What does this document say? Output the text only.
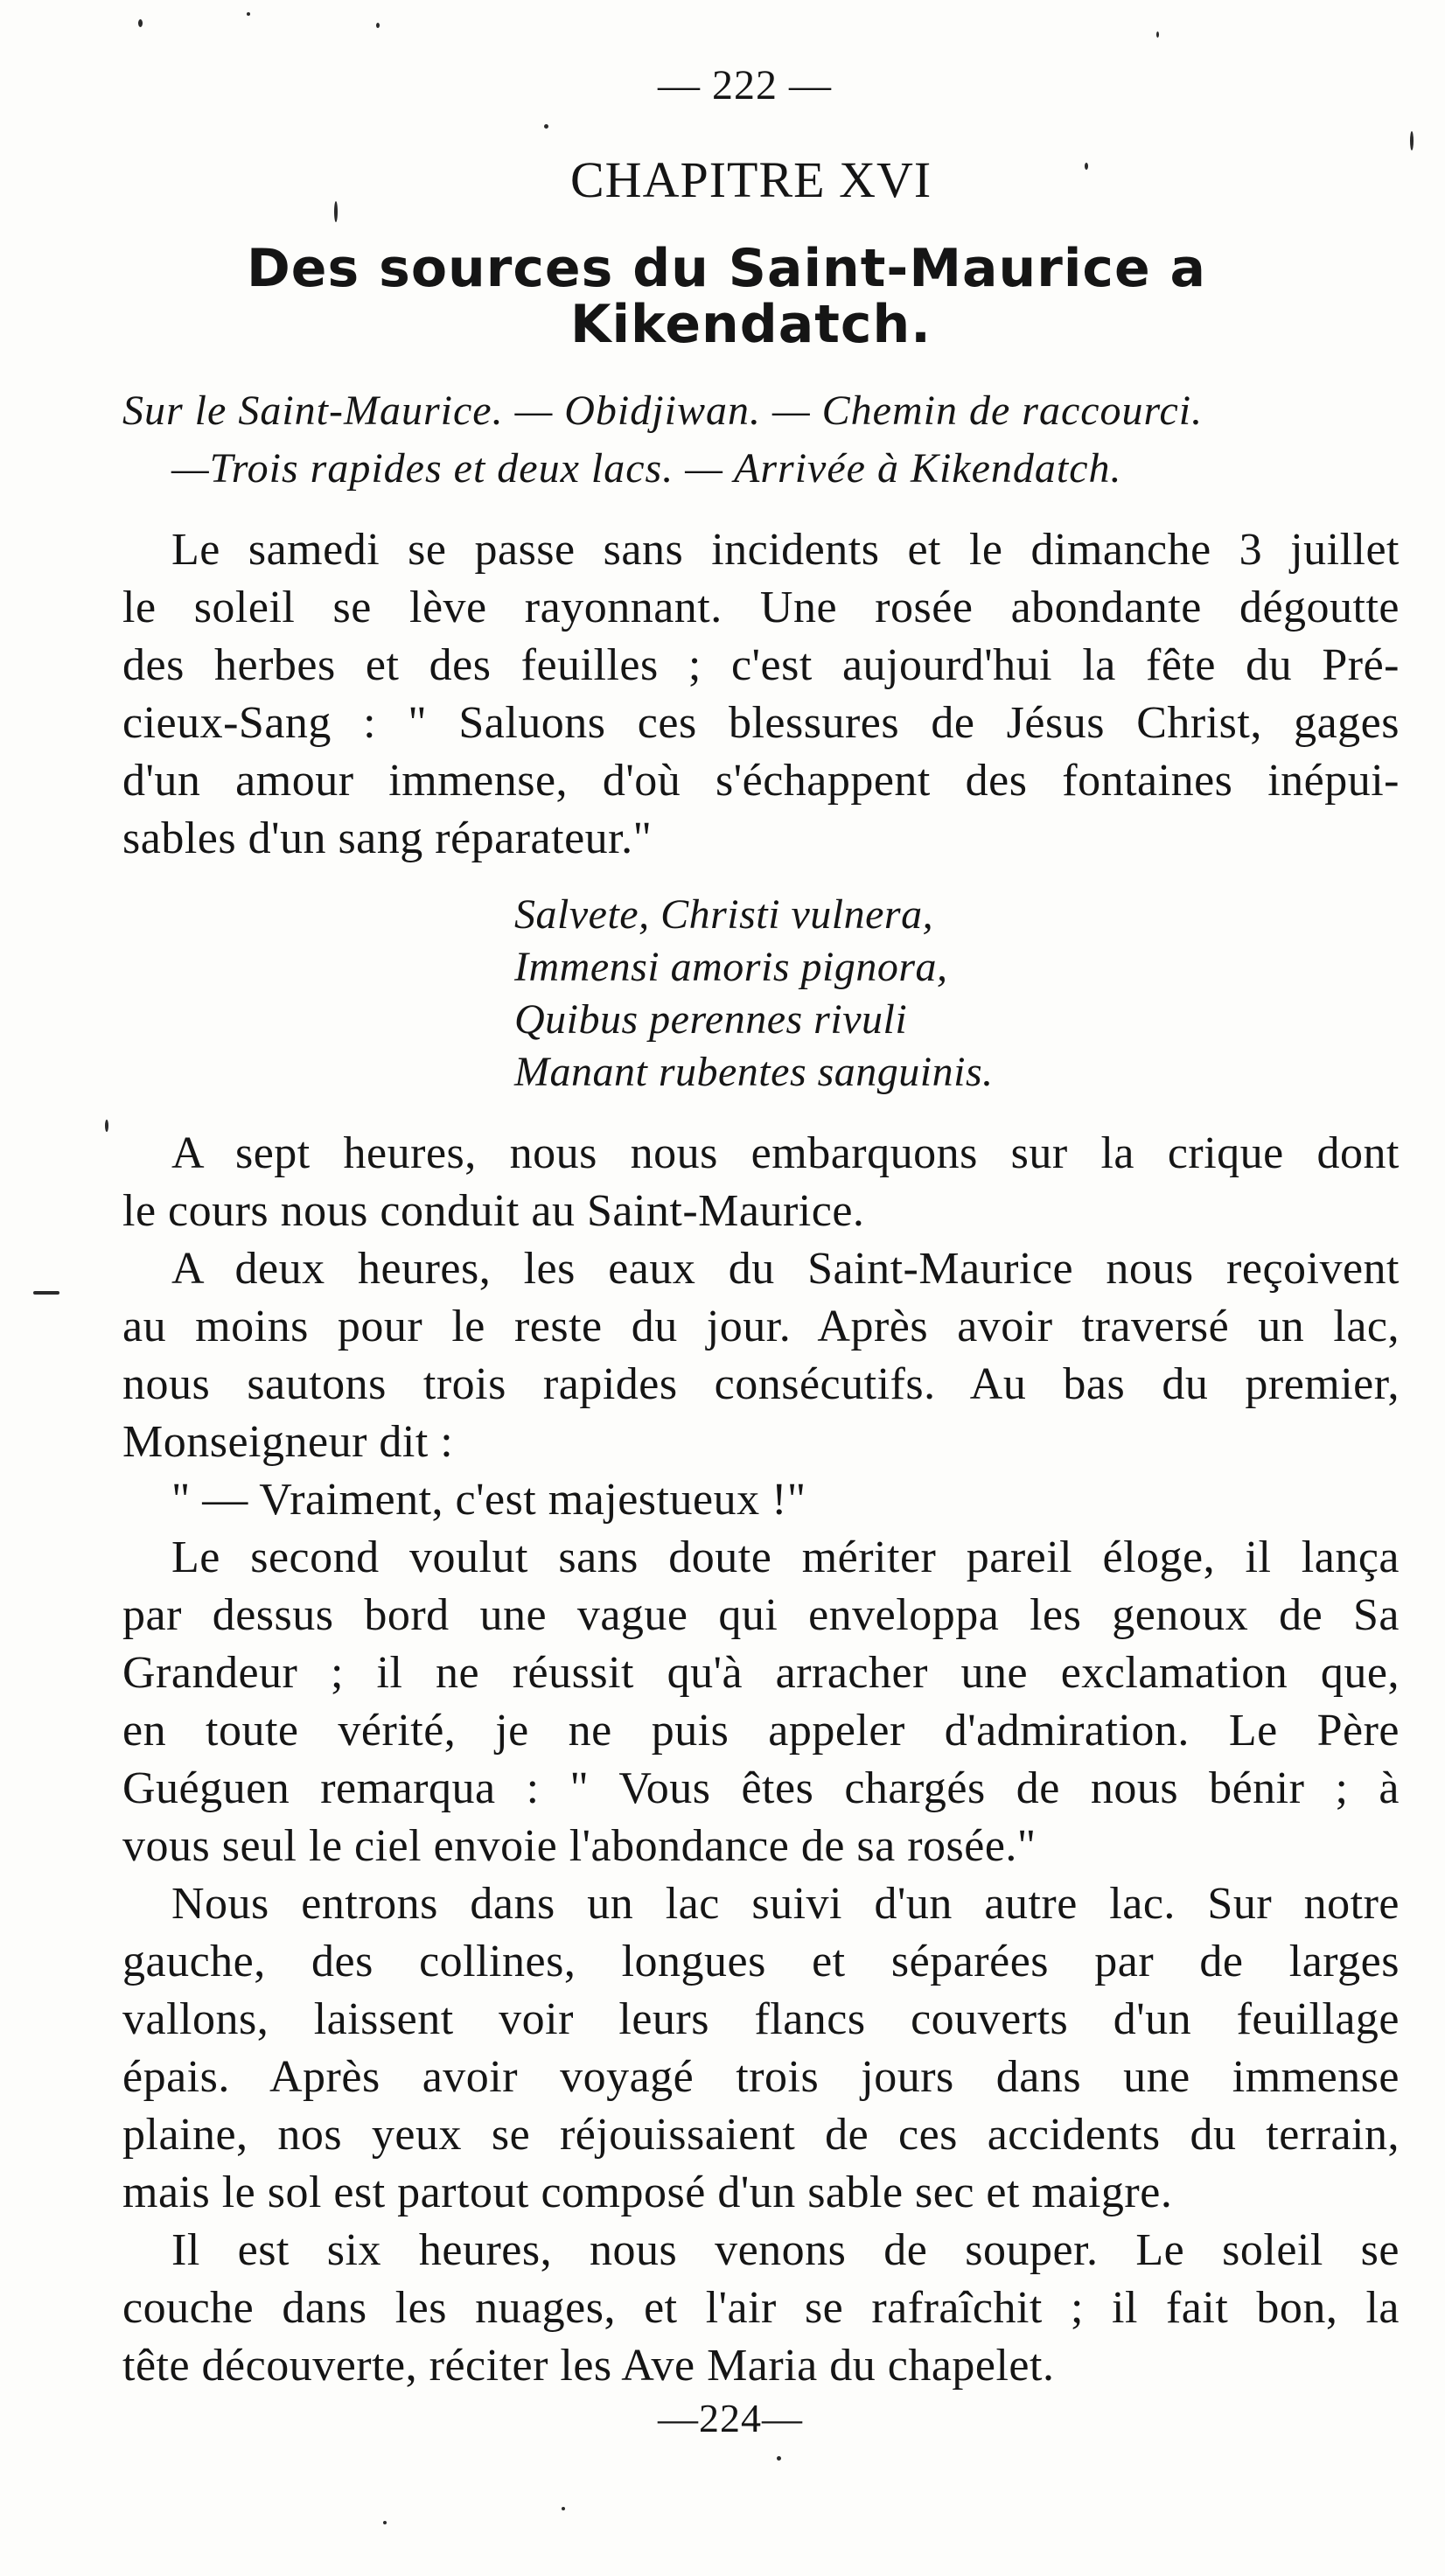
— 222 —
CHAPITRE XVI
Des sources du Saint-Maurice a
Kikendatch.
Sur le Saint-Maurice. — Obidjiwan. — Chemin de raccourci.
—Trois rapides et deux lacs. — Arrivée à Kikendatch.
Le samedi se passe sans incidents et le dimanche 3 juillet
le soleil se lève rayonnant. Une rosée abondante dégoutte
des herbes et des feuilles ; c'est aujourd'hui la fête du Pré-
cieux-Sang : " Saluons ces blessures de Jésus Christ, gages
d'un amour immense, d'où s'échappent des fontaines inépui-
sables d'un sang réparateur."
Salvete, Christi vulnera,
Immensi amoris pignora,
Quibus perennes rivuli
Manant rubentes sanguinis.
A sept heures, nous nous embarquons sur la crique dont
le cours nous conduit au Saint-Maurice.
A deux heures, les eaux du Saint-Maurice nous reçoivent
au moins pour le reste du jour. Après avoir traversé un lac,
nous sautons trois rapides consécutifs. Au bas du premier,
Monseigneur dit :
" — Vraiment, c'est majestueux !"
Le second voulut sans doute mériter pareil éloge, il lança
par dessus bord une vague qui enveloppa les genoux de Sa
Grandeur ; il ne réussit qu'à arracher une exclamation que,
en toute vérité, je ne puis appeler d'admiration. Le Père
Guéguen remarqua : " Vous êtes chargés de nous bénir ; à
vous seul le ciel envoie l'abondance de sa rosée."
Nous entrons dans un lac suivi d'un autre lac. Sur notre
gauche, des collines, longues et séparées par de larges
vallons, laissent voir leurs flancs couverts d'un feuillage
épais. Après avoir voyagé trois jours dans une immense
plaine, nos yeux se réjouissaient de ces accidents du terrain,
mais le sol est partout composé d'un sable sec et maigre.
Il est six heures, nous venons de souper. Le soleil se
couche dans les nuages, et l'air se rafraîchit ; il fait bon, la
tête découverte, réciter les Ave Maria du chapelet.
—224—
